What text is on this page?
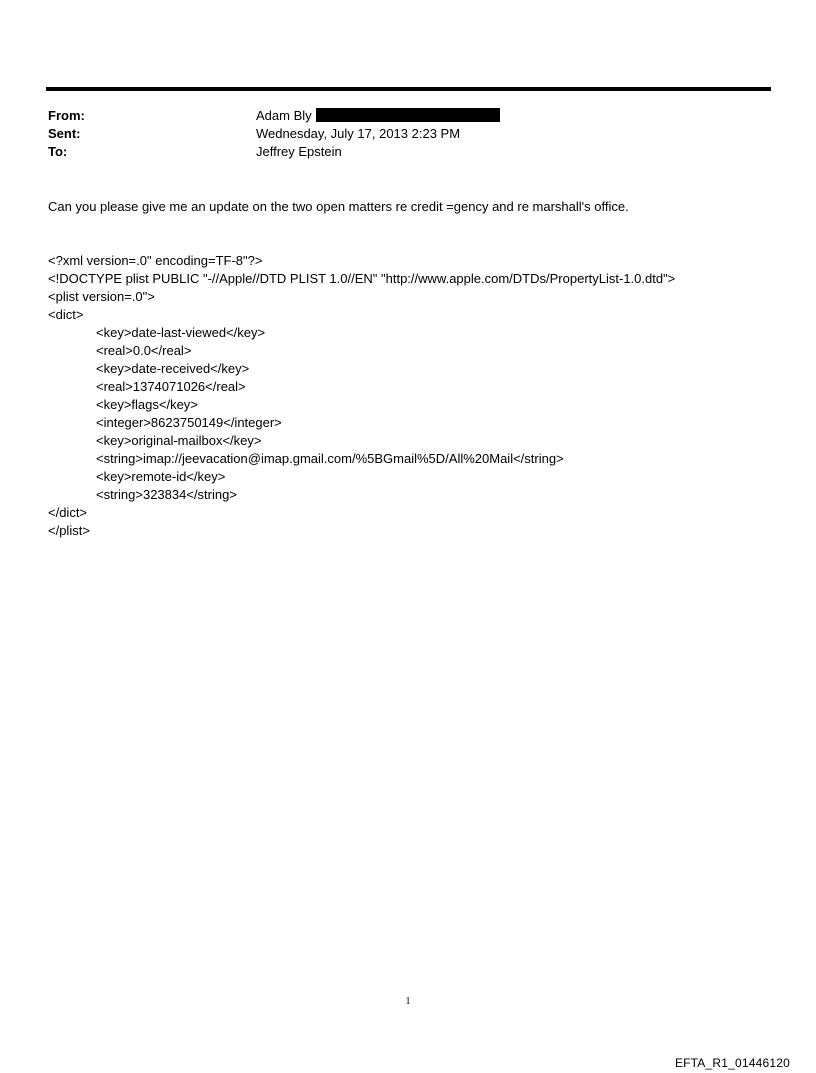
From:	Adam Bly
Sent:	Wednesday, July 17, 2013 2:23 PM
To:	Jeffrey Epstein
Can you please give me an update on the two open matters re credit =gency and re marshall's office.
<?xml version=.0" encoding=TF-8"?>
<!DOCTYPE plist PUBLIC "-//Apple//DTD PLIST 1.0//EN" "http://www.apple.com/DTDs/PropertyList-1.0.dtd">
<plist version=.0">
<dict>
<key>date-last-viewed</key>
<real>0.0</real>
<key>date-received</key>
<real>1374071026</real>
<key>flags</key>
<integer>8623750149</integer>
<key>original-mailbox</key>
<string>imap://jeevacation@imap.gmail.com/%5BGmail%5D/All%20Mail</string>
<key>remote-id</key>
<string>323834</string>
</dict>
</plist>
1
EFTA_R1_01446120
